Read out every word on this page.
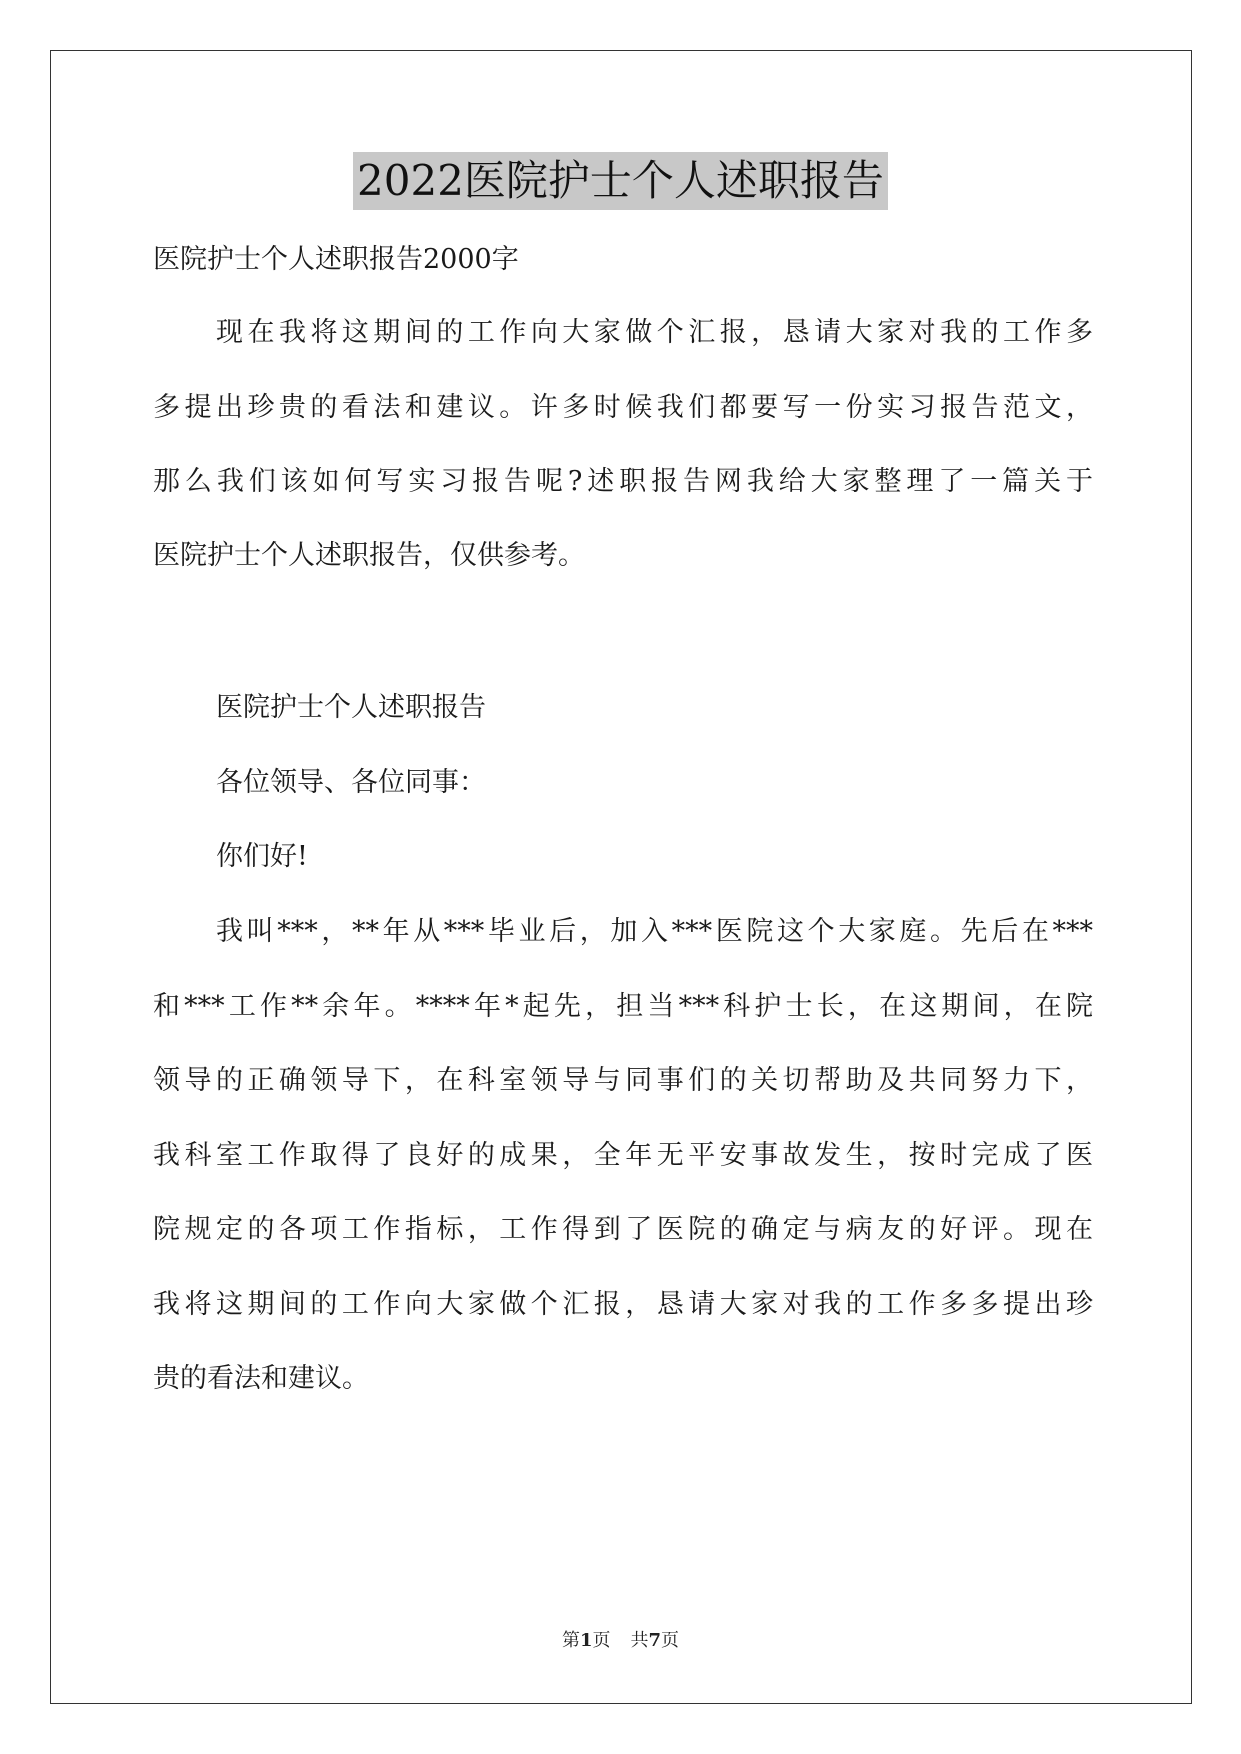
2022医院护士个人述职报告
医院护士个人述职报告2000字
现在我将这期间的工作向大家做个汇报，恳请大家对我的工作多
多提出珍贵的看法和建议。许多时候我们都要写一份实习报告范文，
那么我们该如何写实习报告呢?述职报告网我给大家整理了一篇关于
医院护士个人述职报告，仅供参考。
医院护士个人述职报告
各位领导、各位同事：
你们好!
我叫***，**年从***毕业后，加入***医院这个大家庭。先后在***
和***工作**余年。****年*起先，担当***科护士长，在这期间，在院
领导的正确领导下，在科室领导与同事们的关切帮助及共同努力下，
我科室工作取得了良好的成果，全年无平安事故发生，按时完成了医
院规定的各项工作指标，工作得到了医院的确定与病友的好评。现在
我将这期间的工作向大家做个汇报，恳请大家对我的工作多多提出珍
贵的看法和建议。
第1页 共7页
